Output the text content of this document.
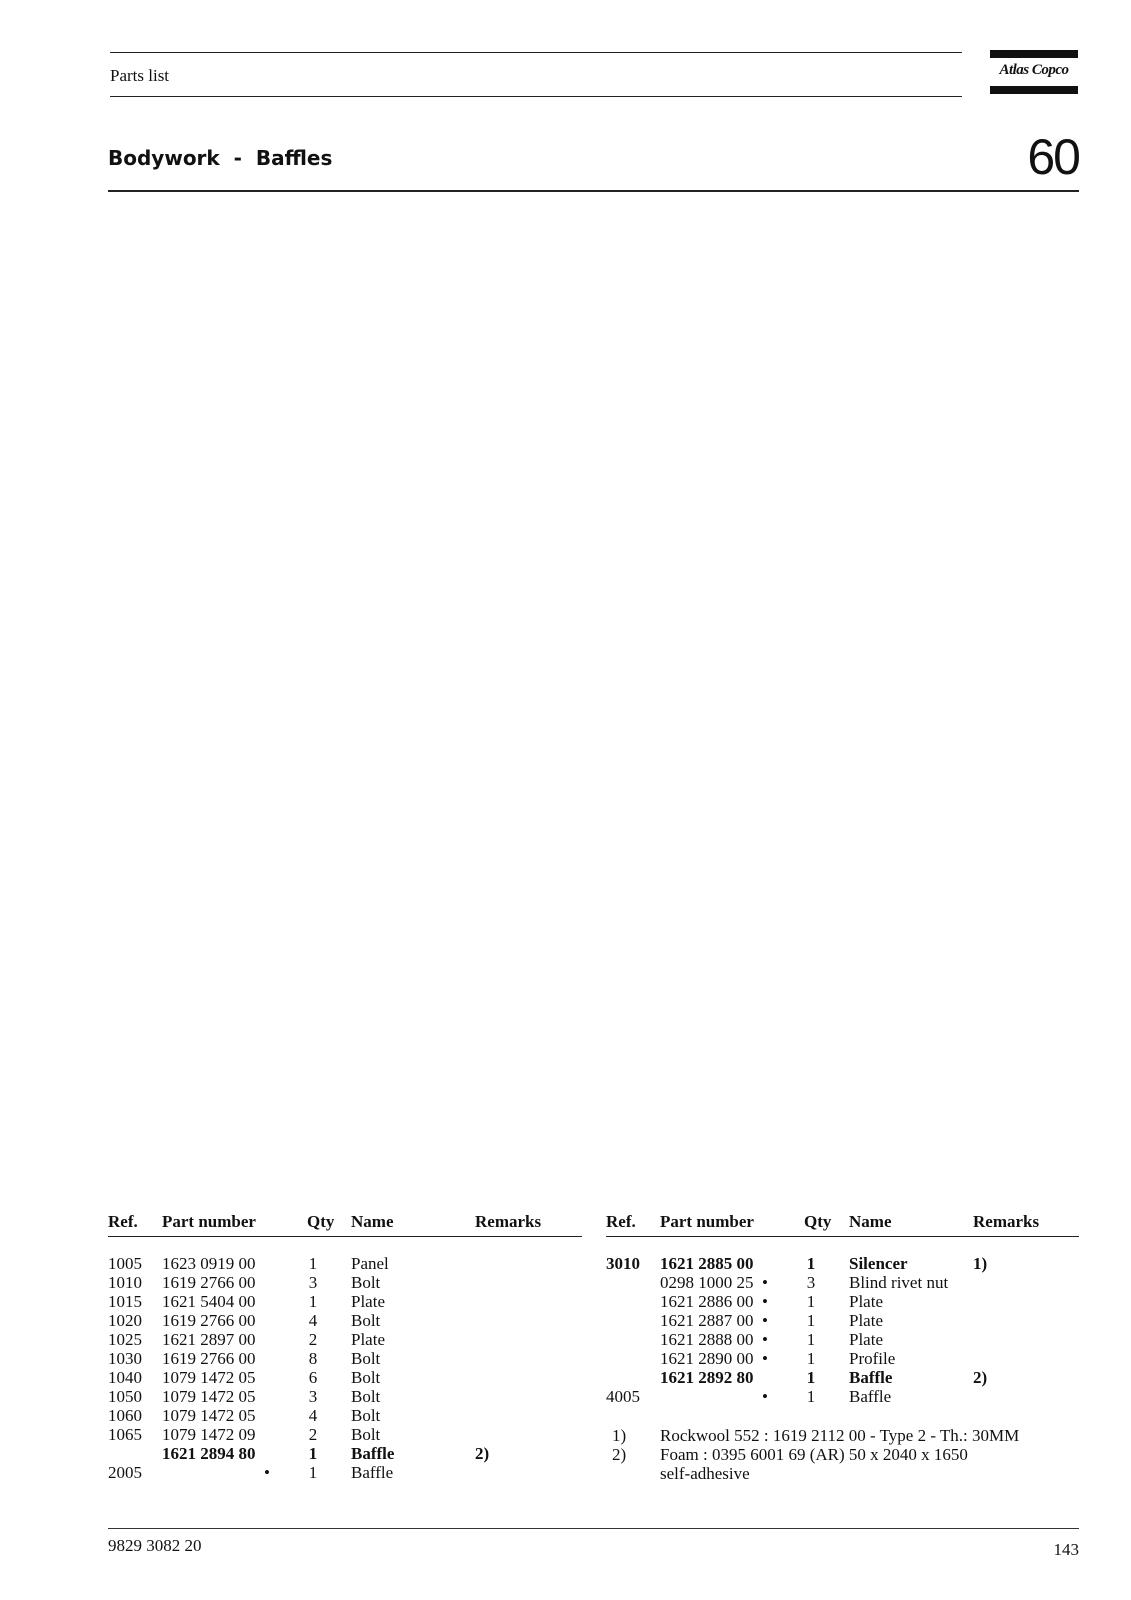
Parts list	Atlas Copco
Bodywork  -  Baffles	60
Ref. Part number	Qty Name	Remarks
1005 1623 0919 00	1 Panel
1010 1619 2766 00	3 Bolt
1015 1621 5404 00	1 Plate
1020 1619 2766 00	4 Bolt
1025 1621 2897 00	2 Plate
1030 1619 2766 00	8 Bolt
1040 1079 1472 05	6 Bolt
1050 1079 1472 05	3 Bolt
1060 1079 1472 05	4 Bolt
1065 1079 1472 09	2 Bolt
1621 2894 80	1 Baffle	2)
2005	• 1 Baffle
Ref. Part number	Qty Name	Remarks
3010 1621 2885 00	1 Silencer	1)
0298 1000 25 • 3 Blind rivet nut
1621 2886 00 • 1 Plate
1621 2887 00 • 1 Plate
1621 2888 00 • 1 Plate
1621 2890 00 • 1 Profile
1621 2892 80	1 Baffle	2)
4005	• 1 Baffle
1) Rockwool 552 : 1619 2112 00 - Type 2 - Th.: 30MM
2) Foam : 0395 6001 69 (AR) 50 x 2040 x 1650
self-adhesive
9829 3082 20	143
